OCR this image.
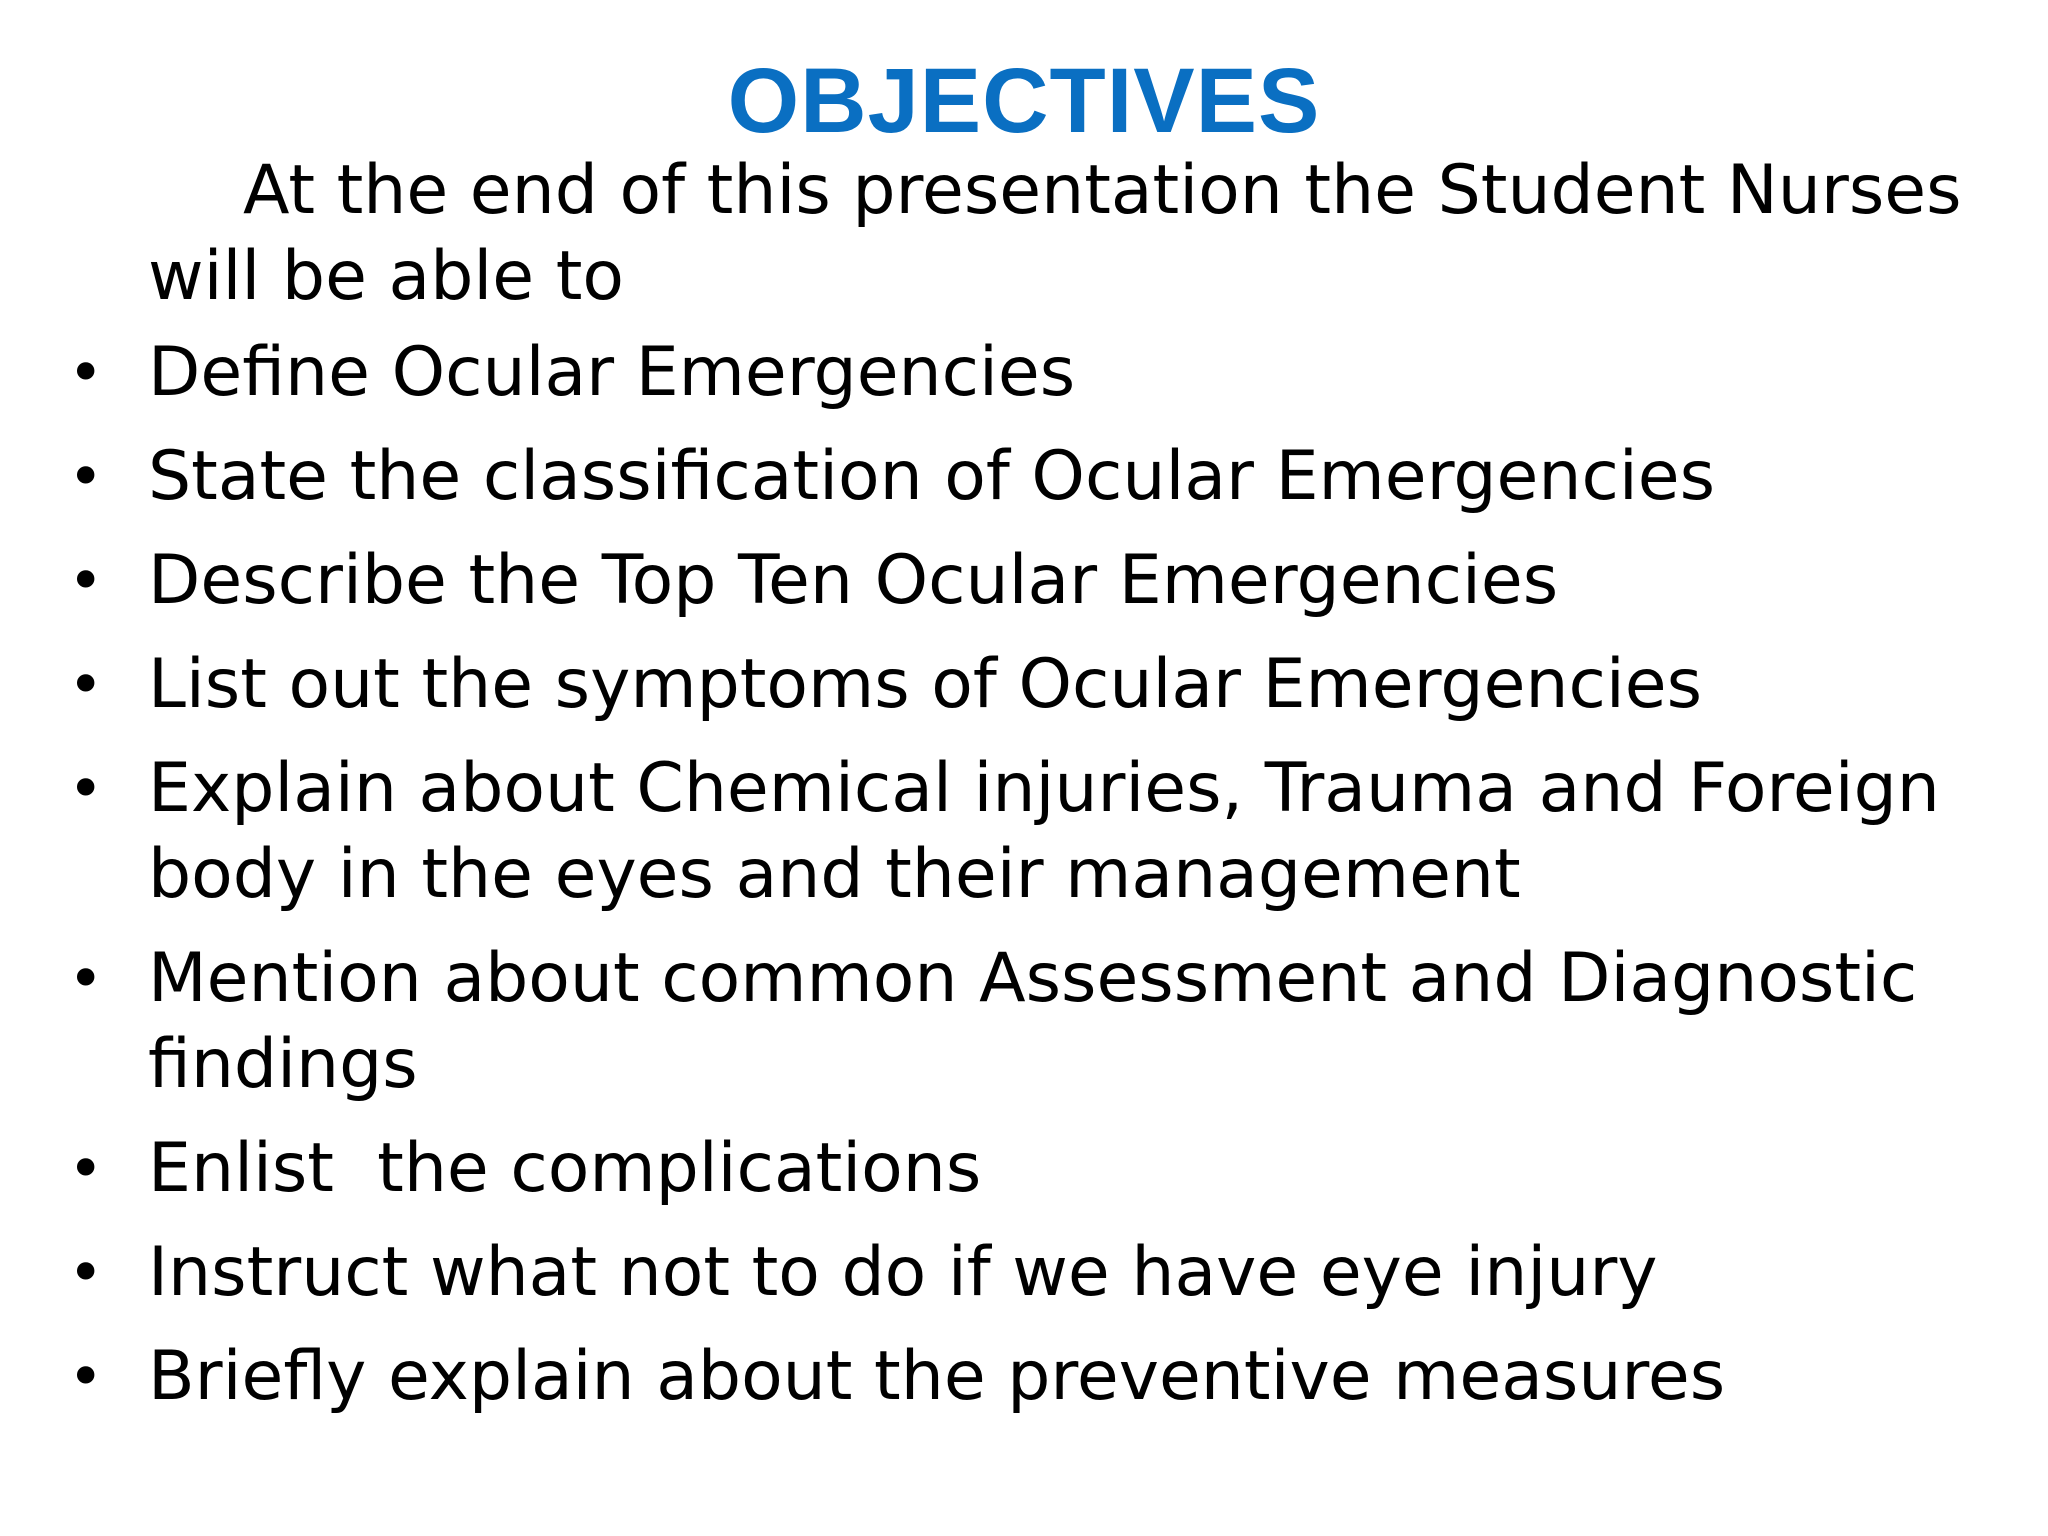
OBJECTIVES
At the end of this presentation the Student Nurses will be able to
• Define Ocular Emergencies
• State the classification of Ocular Emergencies
• Describe the Top Ten Ocular Emergencies
• List out the symptoms of Ocular Emergencies
• Explain about Chemical injuries, Trauma and Foreign body in the eyes and their management
• Mention about common Assessment and Diagnostic findings
• Enlist  the complications
• Instruct what not to do if we have eye injury
• Briefly explain about the preventive measures
